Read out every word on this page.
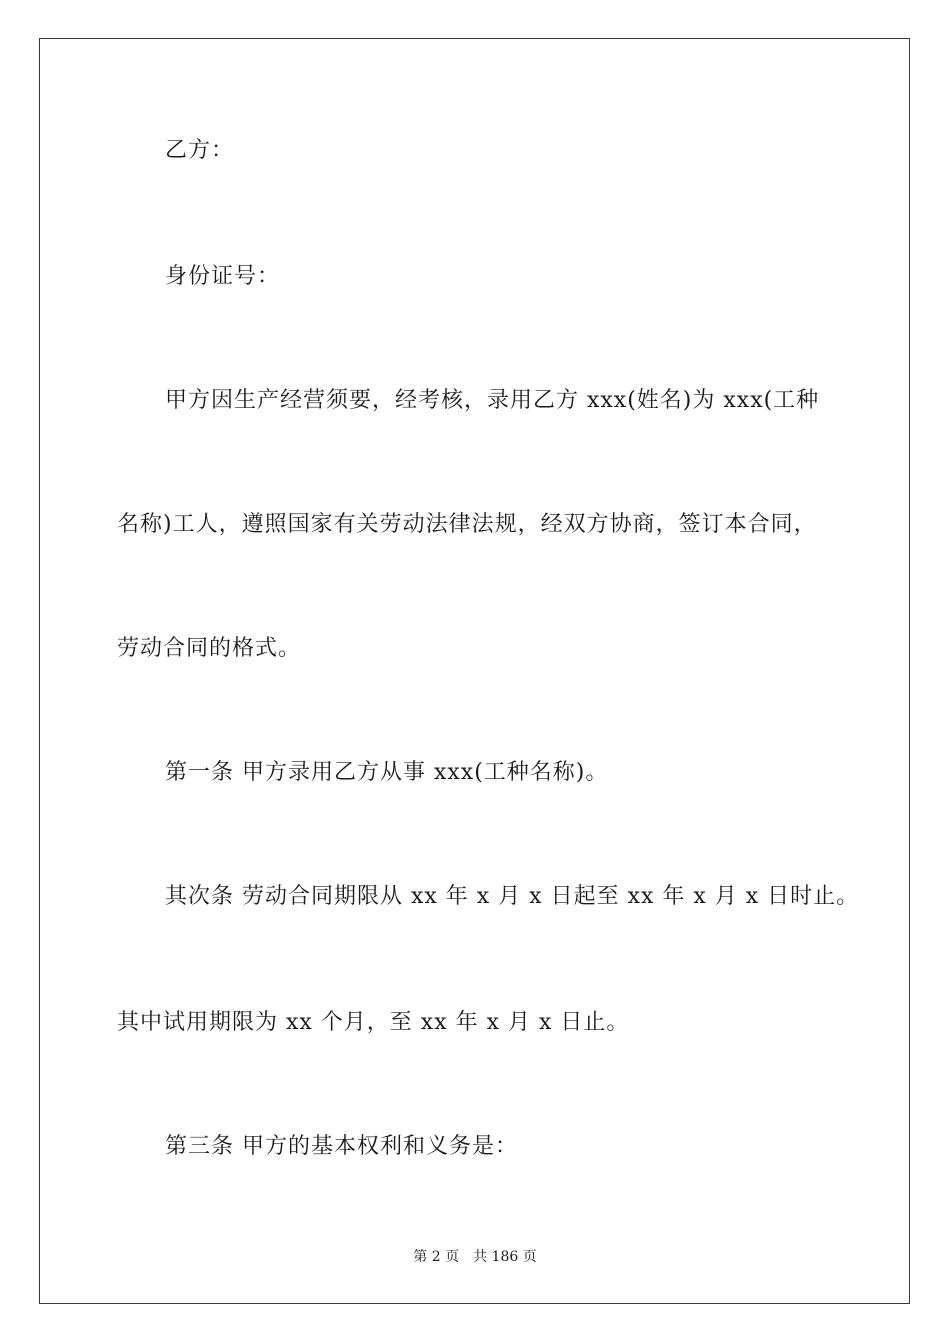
乙方：
身份证号：
甲方因生产经营须要，经考核，录用乙方 xxx(姓名)为 xxx(工种
名称)工人，遵照国家有关劳动法律法规，经双方协商，签订本合同，
劳动合同的格式。
第一条 甲方录用乙方从事 xxx(工种名称)。
其次条 劳动合同期限从 xx 年 x 月 x 日起至 xx 年 x 月 x 日时止。
其中试用期限为 xx 个月，至 xx 年 x 月 x 日止。
第三条 甲方的基本权利和义务是：
第 2 页 共 186 页
